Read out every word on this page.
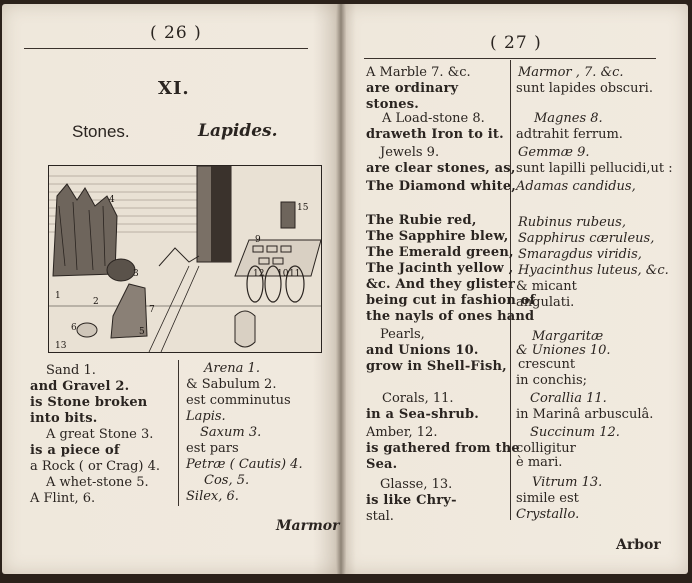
( 26 )
XI.
Stones.	Lapides.
1
2
3
4
5
6
7
9
10 11
12
13
15
Sand 1.
and Gravel 2.
is Stone broken
into bits.
A great Stone 3.
is a piece of
a Rock ( or Crag) 4.
A whet-stone 5.
A Flint, 6.
Arena 1.
& Sabulum 2.
est comminutus
Lapis.
Saxum 3.
est pars
Petræ ( Cautis) 4.
Cos, 5.
Silex, 6.
Marmor
( 27 )
A Marble 7. &c.
are ordinary
stones.
A Load-stone 8.
draweth Iron to it.
Jewels 9.
are clear stones, as,
The Diamond white,
The Rubie red,
The Sapphire blew,
The Emerald green,
The Jacinth yellow ,
&c. And they glister
being cut in fashion of
the nayls of ones hand
Pearls,
and Unions 10.
grow in Shell-Fish,
Corals, 11.
in a Sea-shrub.
Amber, 12.
is gathered from the
Sea.
Glasse, 13.
is like Chry-
stal.
Marmor , 7. &c.
sunt lapides obscuri.
Magnes 8.
adtrahit ferrum.
Gemmæ 9.
sunt lapilli pellucidi,ut :
Adamas candidus,
Rubinus rubeus,
Sapphirus cæruleus,
Smaragdus viridis,
Hyacinthus luteus, &c.
& micant
angulati.
Margaritæ
& Uniones 10.
crescunt
in conchis;
Corallia 11.
in Marinâ arbusculâ.
Succinum 12.
colligitur
è mari.
Vitrum 13.
simile est
Crystallo.
Arbor
